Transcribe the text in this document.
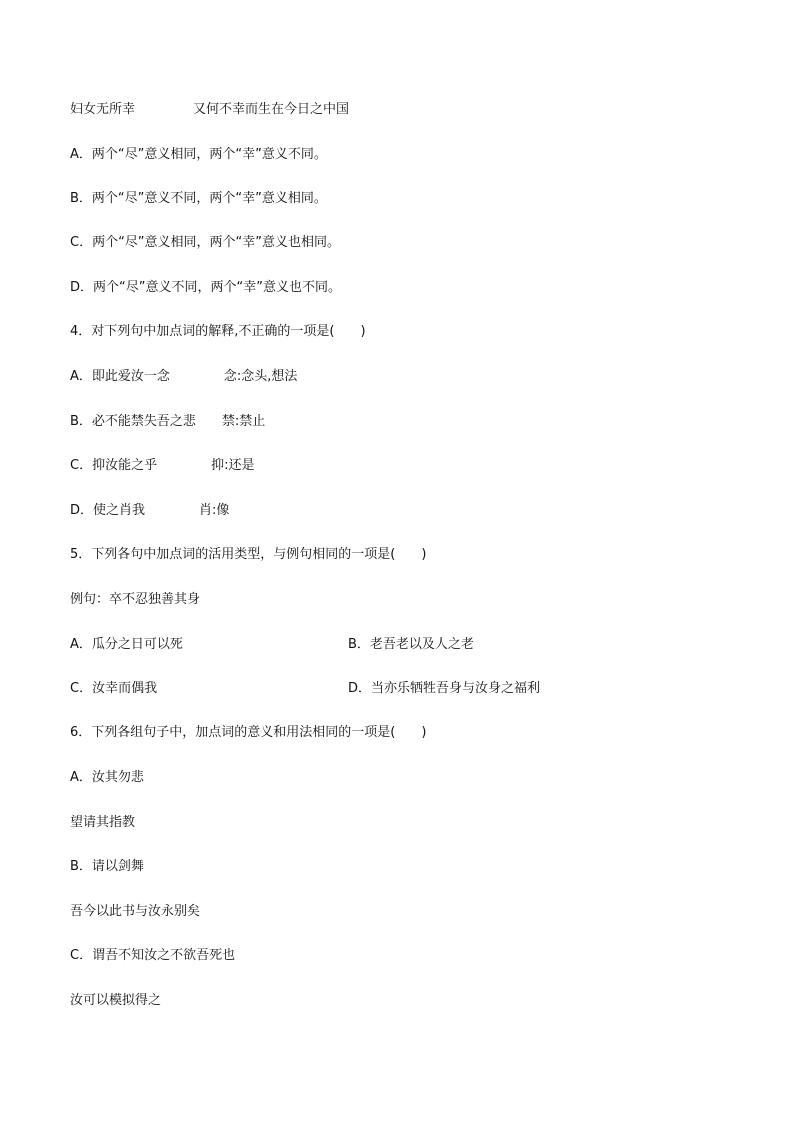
妇女无所幸	又何不幸而生在今日之中国
A．两个“尽”意义相同，两个“幸”意义不同。
B．两个“尽”意义不同，两个“幸”意义相同。
C．两个“尽”意义相同，两个“幸”意义也相同。
D．两个“尽”意义不同，两个“幸”意义也不同。
4．对下列句中加点词的解释,不正确的一项是(　　)
A．即此爱汝一念	念:念头,想法
B．必不能禁失吾之悲 禁:禁止
C．抑汝能之乎	抑:还是
D．使之肖我	肖:像
5．下列各句中加点词的活用类型，与例句相同的一项是(　　)
例句：卒不忍独善其身
A．瓜分之日可以死	B．老吾老以及人之老
C．汝幸而偶我	D．当亦乐牺牲吾身与汝身之福利
6．下列各组句子中，加点词的意义和用法相同的一项是(　　)
A．汝其勿悲
望请其指教
B．请以剑舞
吾今以此书与汝永别矣
C．谓吾不知汝之不欲吾死也
汝可以模拟得之
